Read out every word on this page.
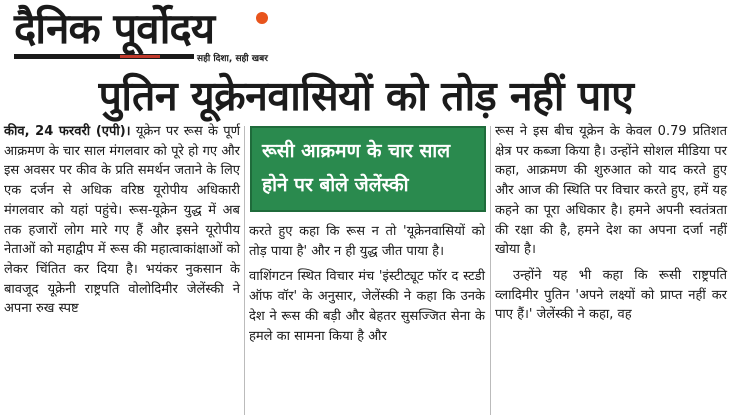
दैनिक पूर्वोदय
सही दिशा, सही खबर
पुतिन यूक्रेनवासियों को तोड़ नहीं पाए

कीव, 24 फरवरी (एपी)। यूक्रेन पर रूस के पूर्ण आक्रमण के चार साल मंगलवार को पूरे हो गए और इस अवसर पर कीव के प्रति समर्थन जताने के लिए एक दर्जन से अधिक वरिष्ठ यूरोपीय अधिकारी मंगलवार को यहां पहुंचे। रूस-यूक्रेन युद्ध में अब तक हजारों लोग मारे गए हैं और इसने यूरोपीय नेताओं को महाद्वीप में रूस की महात्वाकांक्षाओं को लेकर चिंतित कर दिया है। भयंकर नुकसान के बावजूद यूक्रेनी राष्ट्रपति वोलोदिमीर जेलेंस्की ने अपना रुख स्पष्ट

रूसी आक्रमण के चार साल होने पर बोले जेलेंस्की

करते हुए कहा कि रूस न तो 'यूक्रेनवासियों को तोड़ पाया है' और न ही युद्ध जीत पाया है।

वाशिंगटन स्थित विचार मंच 'इंस्टीट्यूट फॉर द स्टडी ऑफ वॉर' के अनुसार, जेलेंस्की ने कहा कि उनके देश ने रूस की बड़ी और बेहतर सुसज्जित सेना के हमले का सामना किया है और

रूस ने इस बीच यूक्रेन के केवल 0.79 प्रतिशत क्षेत्र पर कब्जा किया है। उन्होंने सोशल मीडिया पर कहा, आक्रमण की शुरुआत को याद करते हुए और आज की स्थिति पर विचार करते हुए, हमें यह कहने का पूरा अधिकार है। हमने अपनी स्वतंत्रता की रक्षा की है, हमने देश का अपना दर्जा नहीं खोया है।

उन्होंने यह भी कहा कि रूसी राष्ट्रपति व्लादिमीर पुतिन 'अपने लक्ष्यों को प्राप्त नहीं कर पाए हैं।' जेलेंस्की ने कहा, वह
